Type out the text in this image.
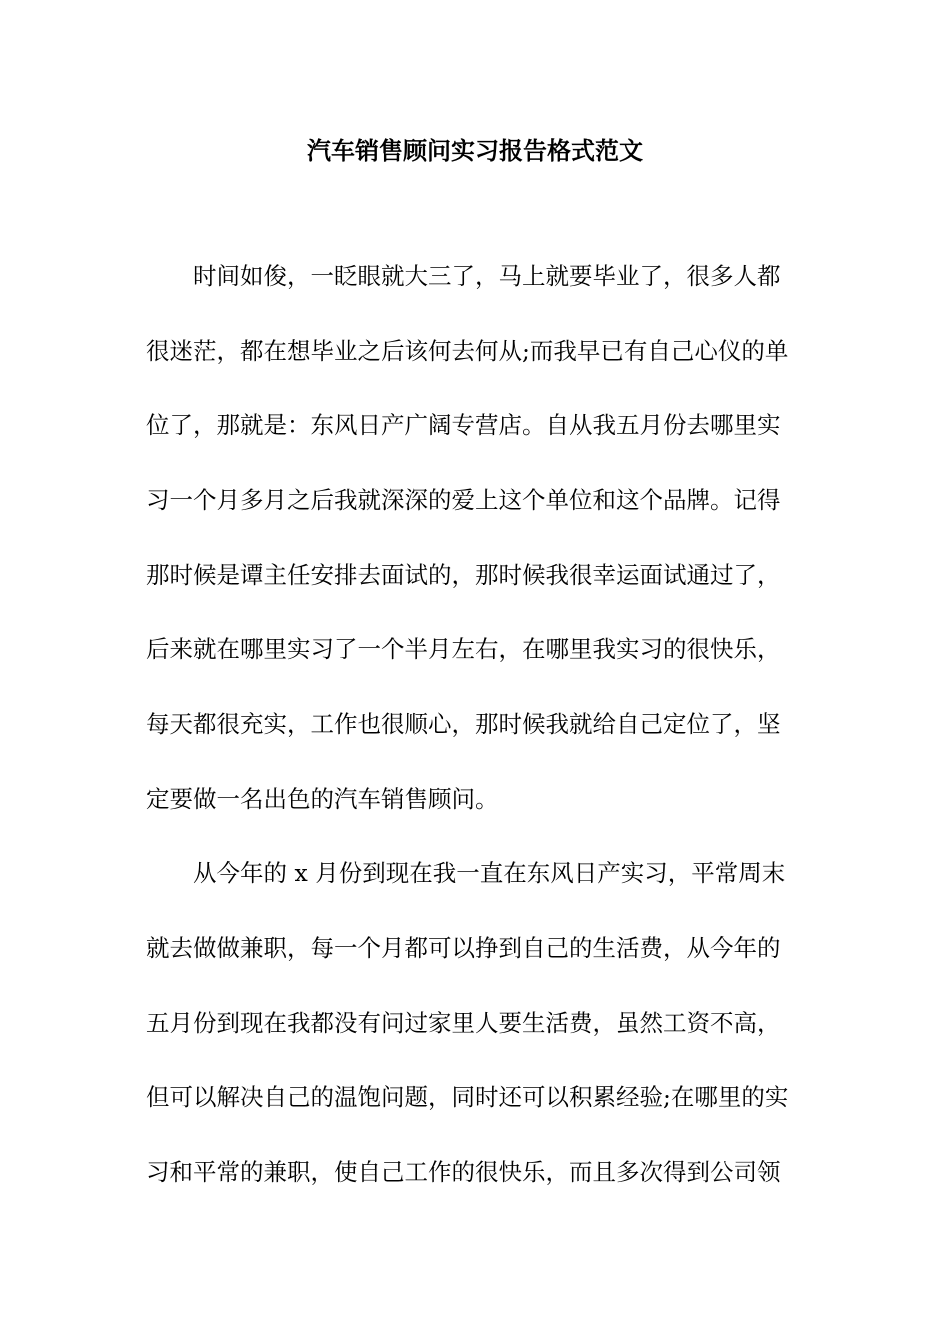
汽车销售顾问实习报告格式范文
时间如俊，一眨眼就大三了，马上就要毕业了，很多人都
很迷茫，都在想毕业之后该何去何从;而我早已有自己心仪的单
位了，那就是：东风日产广阔专营店。自从我五月份去哪里实
习一个月多月之后我就深深的爱上这个单位和这个品牌。记得
那时候是谭主任安排去面试的，那时候我很幸运面试通过了，
后来就在哪里实习了一个半月左右，在哪里我实习的很快乐，
每天都很充实，工作也很顺心，那时候我就给自己定位了，坚
定要做一名出色的汽车销售顾问。
从今年的 x 月份到现在我一直在东风日产实习，平常周末
就去做做兼职，每一个月都可以挣到自己的生活费，从今年的
五月份到现在我都没有问过家里人要生活费，虽然工资不高，
但可以解决自己的温饱问题，同时还可以积累经验;在哪里的实
习和平常的兼职，使自己工作的很快乐，而且多次得到公司领
